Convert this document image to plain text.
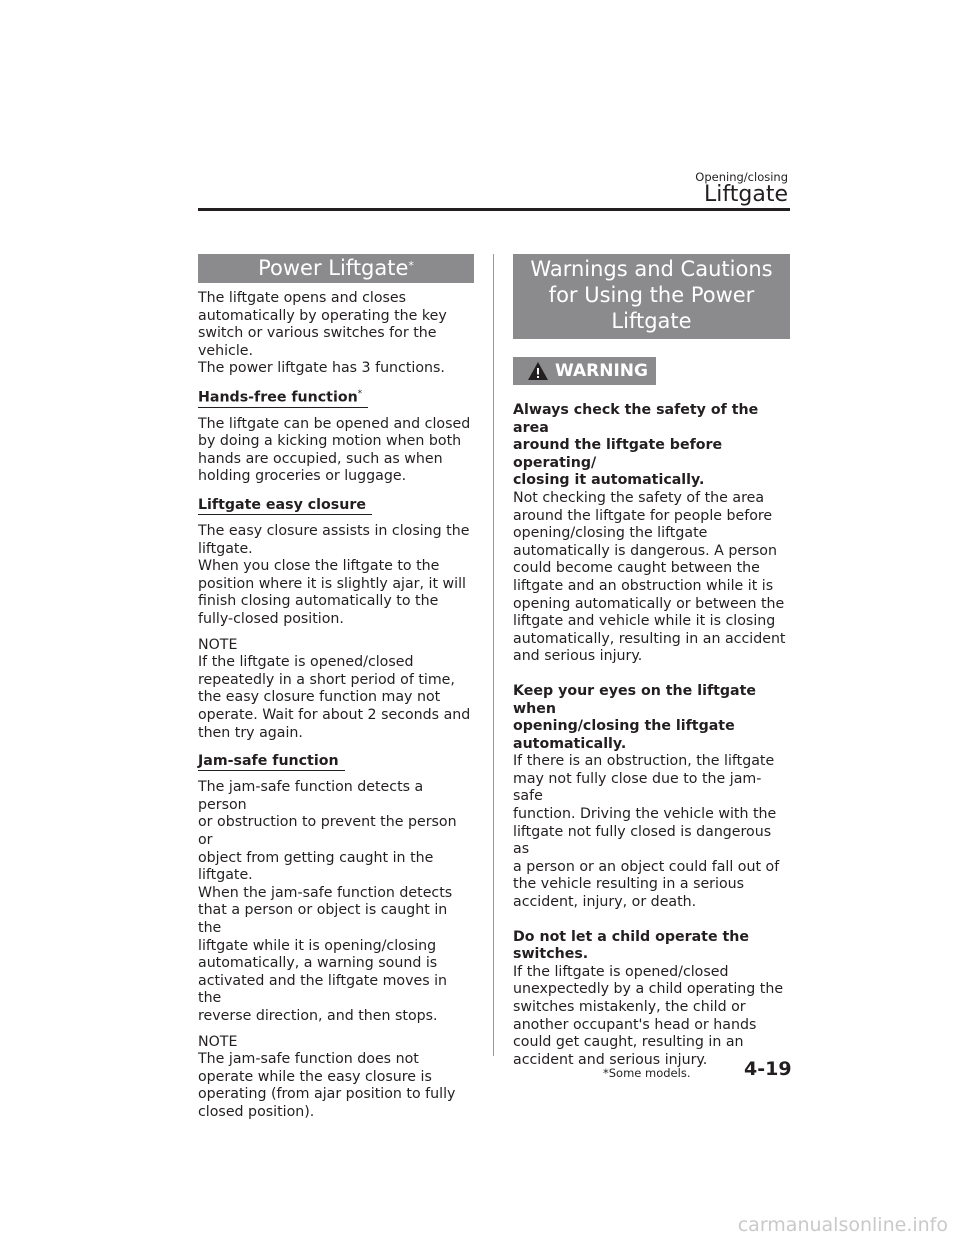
Opening/closing
Liftgate
Power Liftgate*

The liftgate opens and closes
automatically by operating the key
switch or various switches for the
vehicle.
The power liftgate has 3 functions.

Hands-free function*

The liftgate can be opened and closed
by doing a kicking motion when both
hands are occupied, such as when
holding groceries or luggage.

Liftgate easy closure

The easy closure assists in closing the
liftgate.
When you close the liftgate to the
position where it is slightly ajar, it will
finish closing automatically to the
fully-closed position.

NOTE

If the liftgate is opened/closed
repeatedly in a short period of time,
the easy closure function may not
operate. Wait for about 2 seconds and
then try again.

Jam-safe function

The jam-safe function detects a person
or obstruction to prevent the person or
object from getting caught in the
liftgate.
When the jam-safe function detects
that a person or object is caught in the
liftgate while it is opening/closing
automatically, a warning sound is
activated and the liftgate moves in the
reverse direction, and then stops.

NOTE

The jam-safe function does not
operate while the easy closure is
operating (from ajar position to fully
closed position).

Warnings and Cautions
for Using the Power
Liftgate
WARNING

Always check the safety of the area
around the liftgate before operating/
closing it automatically.

Not checking the safety of the area
around the liftgate for people before
opening/closing the liftgate
automatically is dangerous. A person
could become caught between the
liftgate and an obstruction while it is
opening automatically or between the
liftgate and vehicle while it is closing
automatically, resulting in an accident
and serious injury.

Keep your eyes on the liftgate when
opening/closing the liftgate
automatically.

If there is an obstruction, the liftgate
may not fully close due to the jam-safe
function. Driving the vehicle with the
liftgate not fully closed is dangerous as
a person or an object could fall out of
the vehicle resulting in a serious
accident, injury, or death.

Do not let a child operate the
switches.

If the liftgate is opened/closed
unexpectedly by a child operating the
switches mistakenly, the child or
another occupant's head or hands
could get caught, resulting in an
accident and serious injury.

*Some models.	4-19
carmanualsonline.info
